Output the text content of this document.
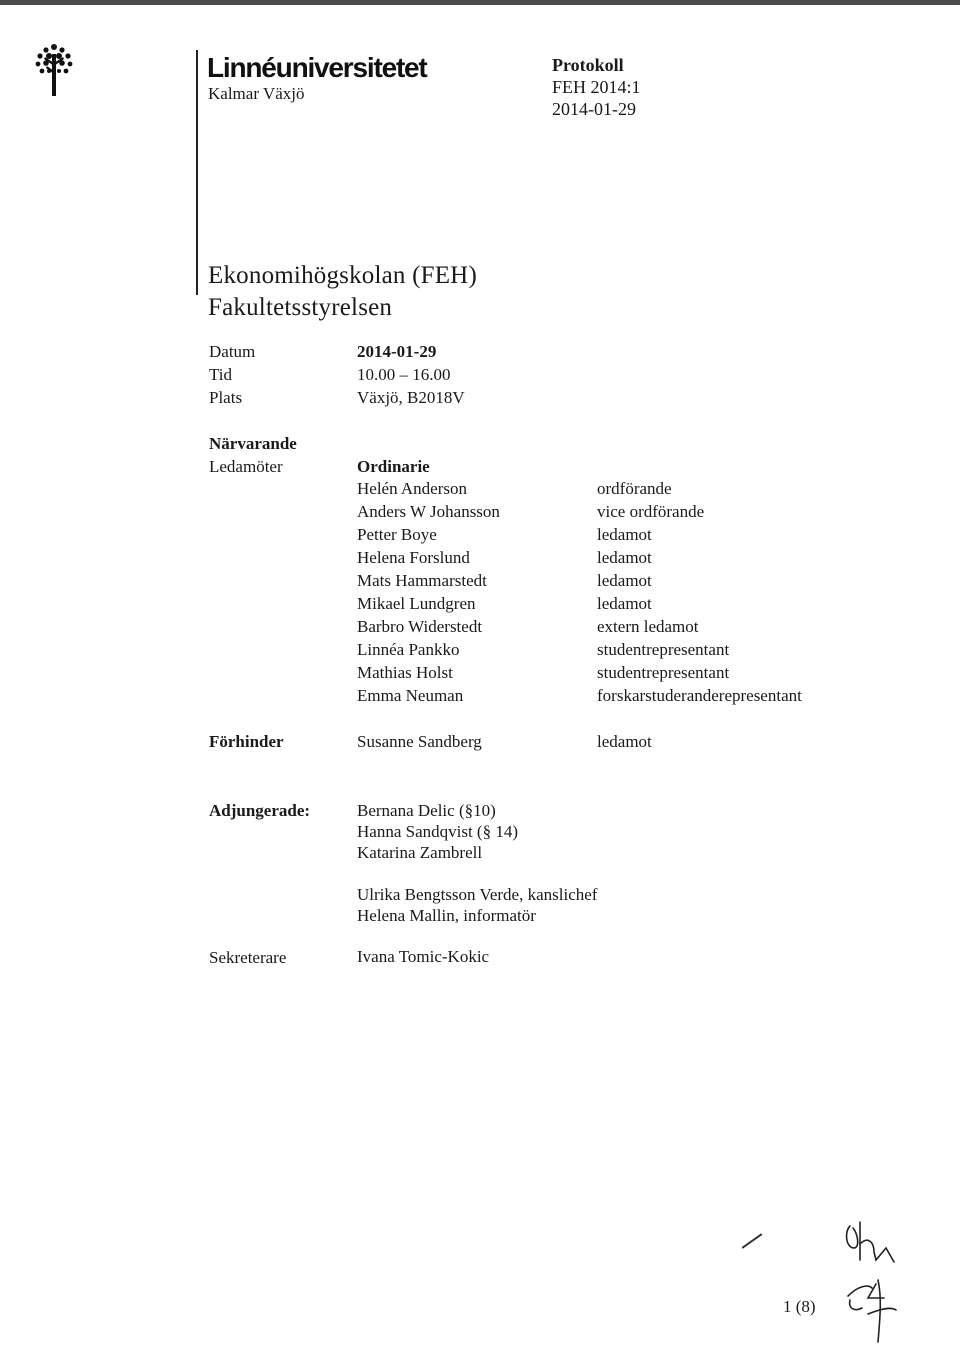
Linnéuniversitetet
Kalmar Växjö
Protokoll
FEH 2014:1
2014-01-29
Ekonomihögskolan (FEH)
Fakultetsstyrelsen
Datum	2014-01-29
Tid	10.00 – 16.00
Plats	Växjö, B2018V
Närvarande
Ledamöter	Ordinarie
Helén Anderson	ordförande
Anders W Johansson	vice ordförande
Petter Boye	ledamot
Helena Forslund	ledamot
Mats Hammarstedt	ledamot
Mikael Lundgren	ledamot
Barbro Widerstedt	extern ledamot
Linnéa Pankko	studentrepresentant
Mathias Holst	studentrepresentant
Emma Neuman	forskarstuderanderepresentant
Förhinder	Susanne Sandberg	ledamot
Adjungerade:	Bernana Delic (§10)
Hanna Sandqvist (§ 14)
Katarina Zambrell
Ulrika Bengtsson Verde, kanslichef
Helena Mallin, informatör
Sekreterare	Ivana Tomic-Kokic
1 (8)
